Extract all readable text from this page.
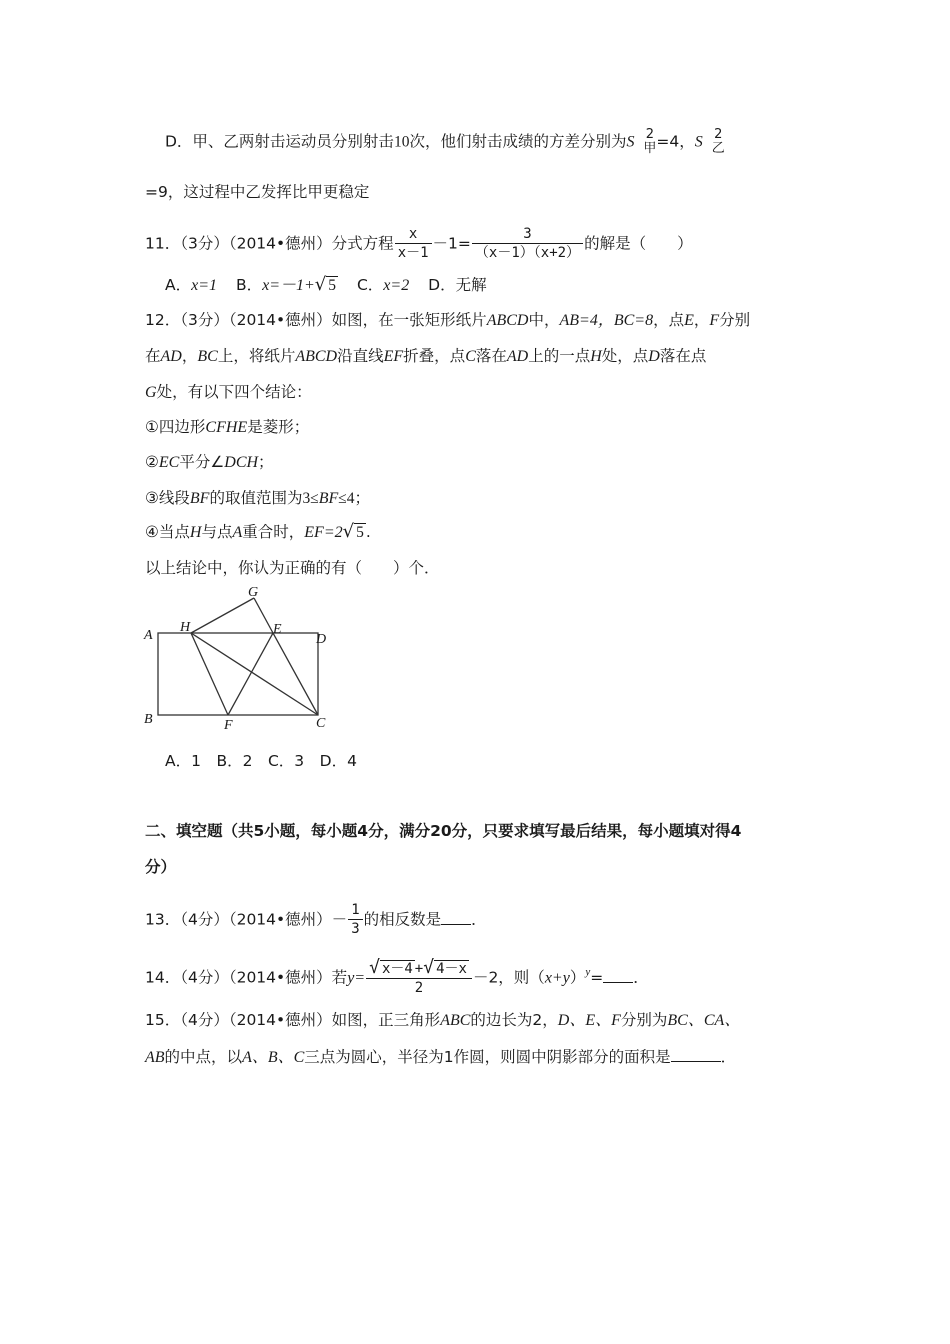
D．甲、乙两射击运动员分别射击10次，他们射击成绩的方差分别为S 2
甲 =4，S 2
乙
=9，这过程中乙发挥比甲更稳定
11．（3分）（2014•德州）分式方程 $\frac{x}{x-1} -1= \frac{3}{(x-1)(x+2)}$ 的解是（　　）
A．x=1 B．x=－1+√ 5 C．x=2 D．无解
12．（3分）（2014•德州）如图，在一张矩形纸片ABCD中，AB=4，BC=8，点E，F分别
在AD，BC上，将纸片ABCD沿直线EF折叠，点C落在AD上的一点H处，点D落在点
G处，有以下四个结论：
①四边形CFHE是菱形；
②EC平分∠DCH；
③线段BF的取值范围为3≤BF≤4；
④当点H与点A重合时，EF=2√ 5 .
以上结论中，你认为正确的有（　　）个．
A
H
G
E
D
B	F	C
A．1　B．2　C．3　D．4
二、填空题（共5小题，每小题4分，满分20分，只要求填写最后结果，每小题填对得4
分）
13．（4分）（2014•德州）－ $\frac{1}{3}$ 的相反数是 ．
14．（4分）（2014•德州）若$y= \frac{√ x-4 +√ 4-x}{2} -2$，则$(x+y)^y=$ ．
15．（4分）（2014•德州）如图，正三角形ABC的边长为2，D、E、F分别为BC、CA、
AB的中点，以A、B、C三点为圆心，半径为1作圆，则圆中阴影部分的面积是	．
